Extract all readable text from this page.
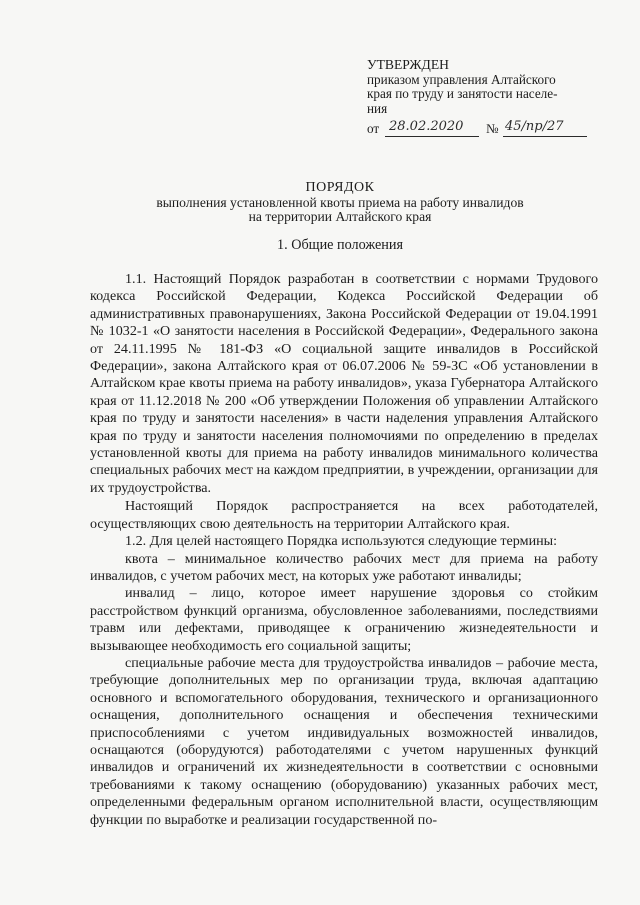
УТВЕРЖДЕН
приказом управления Алтайского
края по труду и занятости населе-
ния
от 28.02.2020 № 45/пр/27
ПОРЯДОК
выполнения установленной квоты приема на работу инвалидов
на территории Алтайского края
1. Общие положения

1.1. Настоящий Порядок разработан в соответствии с нормами Трудового кодекса Российской Федерации, Кодекса Российской Федерации об административных правонарушениях, Закона Российской Федерации от 19.04.1991 № 1032-1 «О занятости населения в Российской Федерации», Федерального закона от 24.11.1995 № 181-ФЗ «О социальной защите инвалидов в Российской Федерации», закона Алтайского края от 06.07.2006 № 59-ЗС «Об установлении в Алтайском крае квоты приема на работу инвалидов», указа Губернатора Алтайского края от 11.12.2018 № 200 «Об утверждении Положения об управлении Алтайского края по труду и занятости населения» в части наделения управления Алтайского края по труду и занятости населения полномочиями по определению в пределах установленной квоты для приема на работу инвалидов минимального количества специальных рабочих мест на каждом предприятии, в учреждении, организации для их трудоустройства.

Настоящий Порядок распространяется на всех работодателей, осуществляющих свою деятельность на территории Алтайского края.

1.2. Для целей настоящего Порядка используются следующие термины:

квота – минимальное количество рабочих мест для приема на работу инвалидов, с учетом рабочих мест, на которых уже работают инвалиды;

инвалид – лицо, которое имеет нарушение здоровья со стойким расстройством функций организма, обусловленное заболеваниями, последствиями травм или дефектами, приводящее к ограничению жизнедеятельности и вызывающее необходимость его социальной защиты;

специальные рабочие места для трудоустройства инвалидов – рабочие места, требующие дополнительных мер по организации труда, включая адаптацию основного и вспомогательного оборудования, технического и организационного оснащения, дополнительного оснащения и обеспечения техническими приспособлениями с учетом индивидуальных возможностей инвалидов, оснащаются (оборудуются) работодателями с учетом нарушенных функций инвалидов и ограничений их жизнедеятельности в соответствии с основными требованиями к такому оснащению (оборудованию) указанных рабочих мест, определенными федеральным органом исполнительной власти, осуществляющим функции по выработке и реализации государственной по-
